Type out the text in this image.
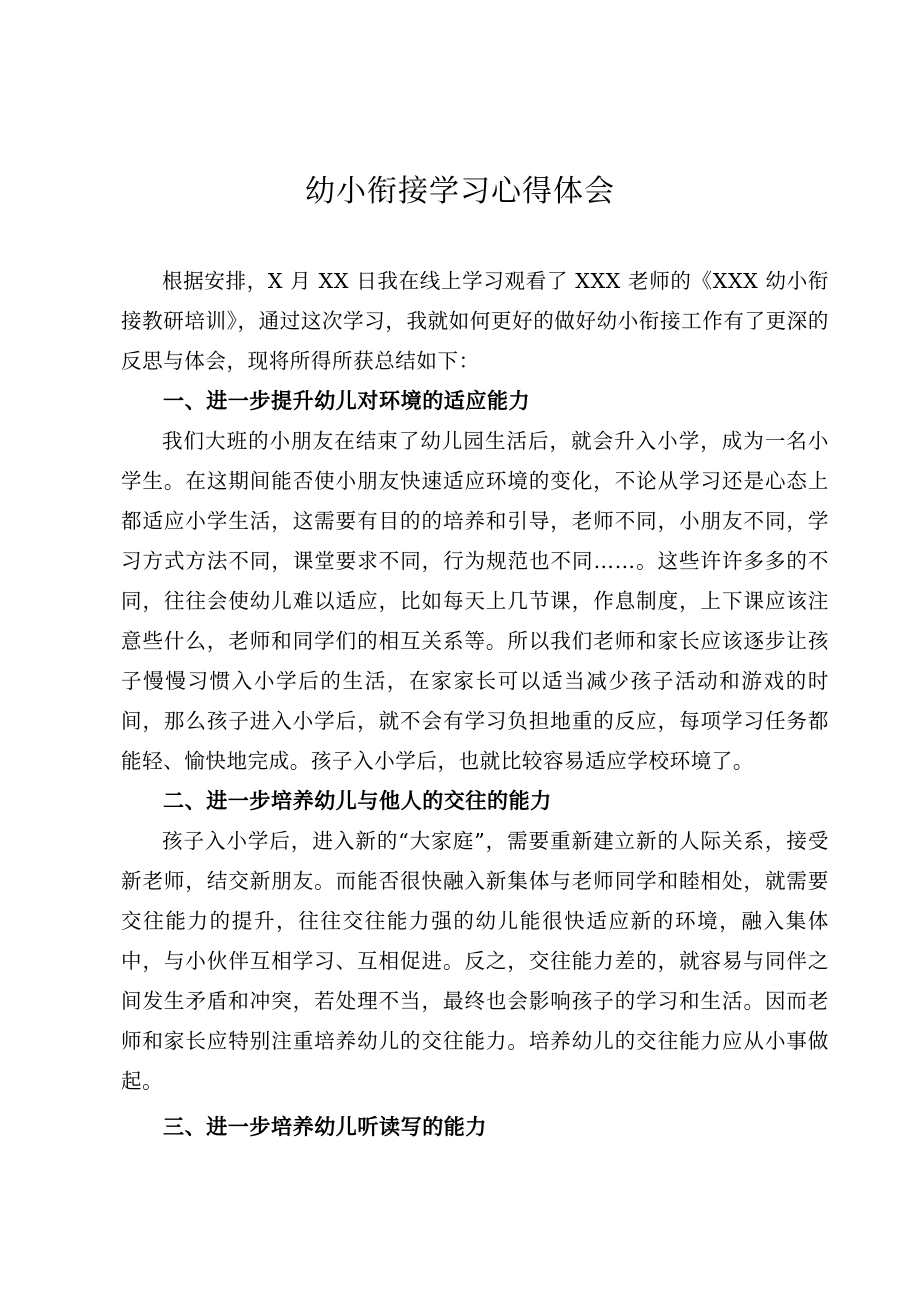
幼小衔接学习心得体会

根据安排，X 月 XX 日我在线上学习观看了 XXX 老师的《XXX 幼小衔接教研培训》，通过这次学习，我就如何更好的做好幼小衔接工作有了更深的反思与体会，现将所得所获总结如下：

一、进一步提升幼儿对环境的适应能力

我们大班的小朋友在结束了幼儿园生活后，就会升入小学，成为一名小学生。在这期间能否使小朋友快速适应环境的变化，不论从学习还是心态上都适应小学生活，这需要有目的的培养和引导，老师不同，小朋友不同，学习方式方法不同，课堂要求不同，行为规范也不同……。这些许许多多的不同，往往会使幼儿难以适应，比如每天上几节课，作息制度，上下课应该注意些什么，老师和同学们的相互关系等。所以我们老师和家长应该逐步让孩子慢慢习惯入小学后的生活，在家家长可以适当减少孩子活动和游戏的时间，那么孩子进入小学后，就不会有学习负担地重的反应，每项学习任务都能轻、愉快地完成。孩子入小学后，也就比较容易适应学校环境了。

二、进一步培养幼儿与他人的交往的能力

孩子入小学后，进入新的“大家庭”，需要重新建立新的人际关系，接受新老师，结交新朋友。而能否很快融入新集体与老师同学和睦相处，就需要交往能力的提升，往往交往能力强的幼儿能很快适应新的环境，融入集体中，与小伙伴互相学习、互相促进。反之，交往能力差的，就容易与同伴之间发生矛盾和冲突，若处理不当，最终也会影响孩子的学习和生活。因而老师和家长应特别注重培养幼儿的交往能力。培养幼儿的交往能力应从小事做起。

三、进一步培养幼儿听读写的能力
